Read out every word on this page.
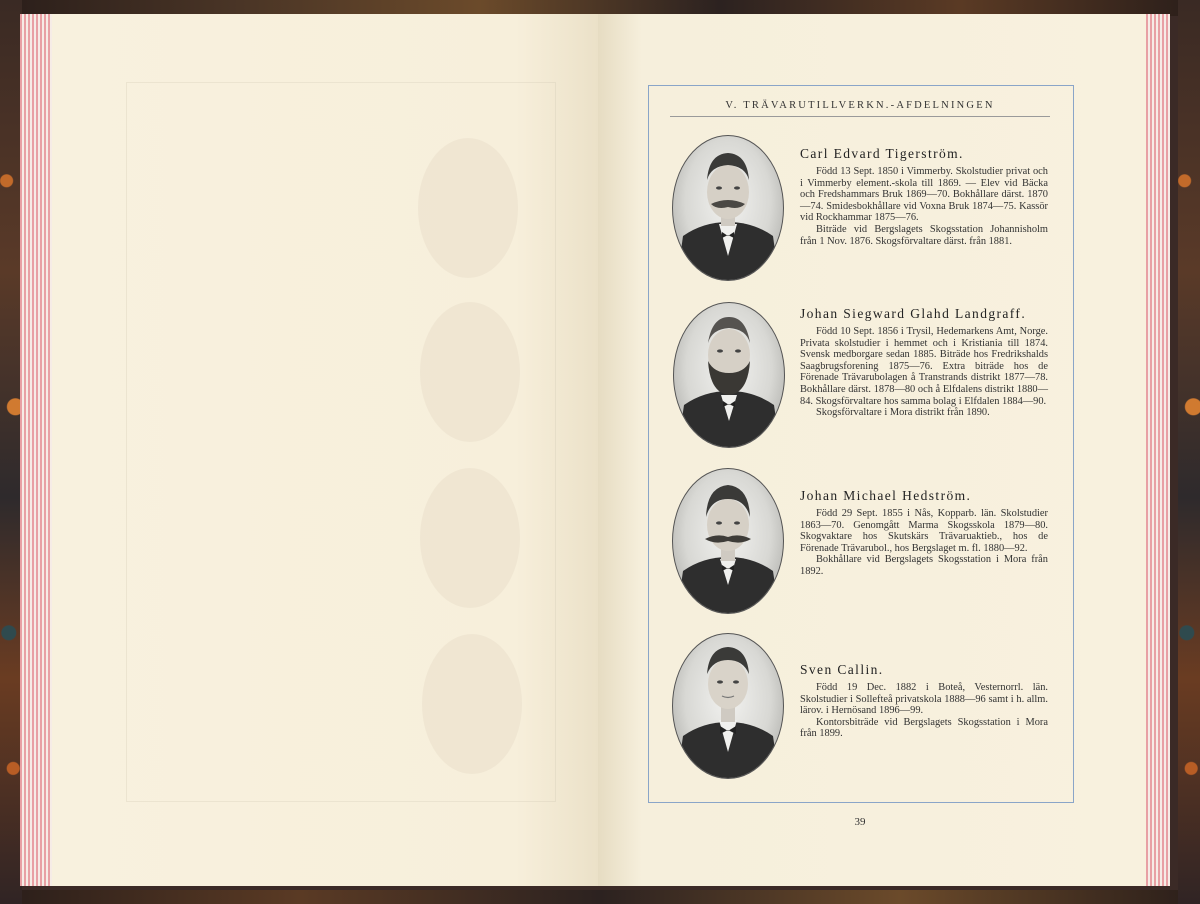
V. TRÄVARUTILLVERKN.-AFDELNINGEN
Carl Edvard Tigerström.

Född 13 Sept. 1850 i Vimmerby. Skolstudier privat och i Vimmerby element.-skola till 1869. — Elev vid Bäcka och Fredshammars Bruk 1869—70. Bokhållare därst. 1870—74. Smidesbokhållare vid Voxna Bruk 1874—75. Kassör vid Rockhammar 1875—76.

Biträde vid Bergslagets Skogsstation Johannisholm från 1 Nov. 1876. Skogsförvaltare därst. från 1881.

Johan Siegward Glahd Landgraff.

Född 10 Sept. 1856 i Trysil, Hedemarkens Amt, Norge. Privata skolstudier i hemmet och i Kristiania till 1874. Svensk medborgare sedan 1885. Biträde hos Fredrikshalds Saagbrugsforening 1875—76. Extra biträde hos de Förenade Trävarubolagen å Transtrands distrikt 1877—78. Bokhållare därst. 1878—80 och å Elfdalens distrikt 1880—84. Skogsförvaltare hos samma bolag i Elfdalen 1884—90.

Skogsförvaltare i Mora distrikt från 1890.

Johan Michael Hedström.

Född 29 Sept. 1855 i Nås, Kopparb. län. Skolstudier 1863—70. Genomgått Marma Skogsskola 1879—80. Skogvaktare hos Skutskärs Trävaruaktieb., hos de Förenade Trävarubol., hos Bergslaget m. fl. 1880—92.

Bokhållare vid Bergslagets Skogsstation i Mora från 1892.

Sven Callin.

Född 19 Dec. 1882 i Boteå, Vesternorrl. län. Skolstudier i Sollefteå privatskola 1888—96 samt i h. allm. lärov. i Hernösand 1896—99.

Kontorsbiträde vid Bergslagets Skogsstation i Mora från 1899.

39
